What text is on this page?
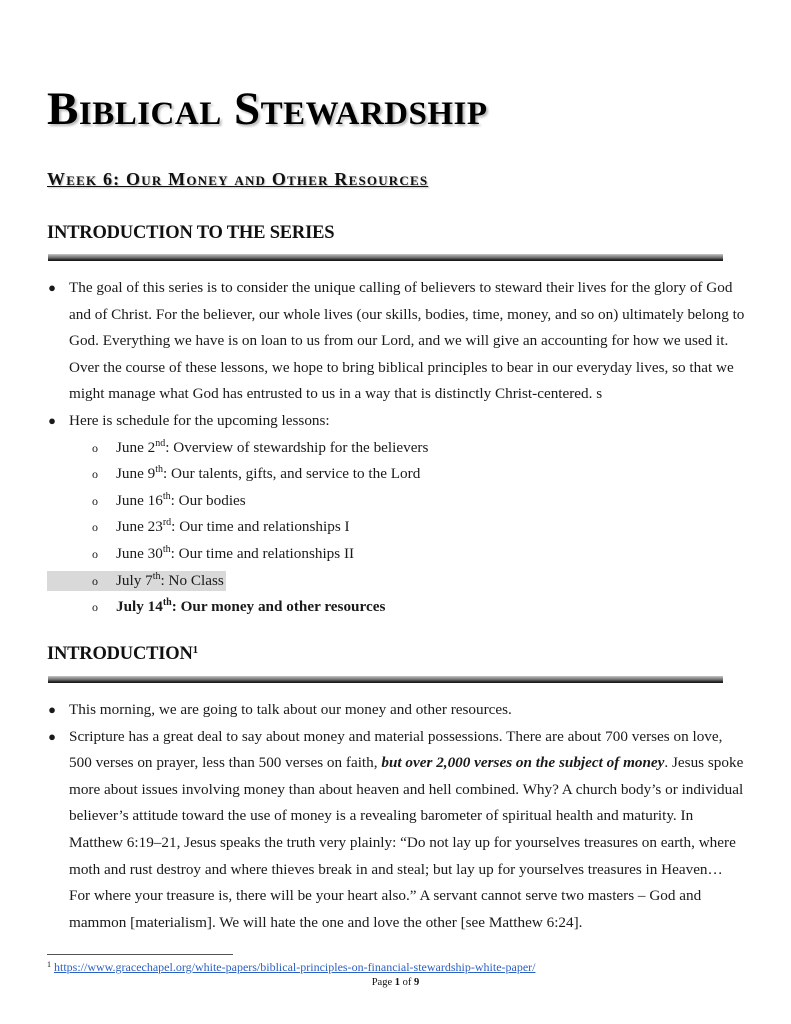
Biblical Stewardship
Week 6: Our Money and Other Resources
INTRODUCTION TO THE SERIES
● The goal of this series is to consider the unique calling of believers to steward their lives for the glory of God and of Christ. For the believer, our whole lives (our skills, bodies, time, money, and so on) ultimately belong to God. Everything we have is on loan to us from our Lord, and we will give an accounting for how we used it. Over the course of these lessons, we hope to bring biblical principles to bear in our everyday lives, so that we might manage what God has entrusted to us in a way that is distinctly Christ-centered. s
● Here is schedule for the upcoming lessons:
o June 2nd: Overview of stewardship for the believers
o June 9th: Our talents, gifts, and service to the Lord
o June 16th: Our bodies
o June 23rd: Our time and relationships I
o June 30th: Our time and relationships II
o July 7th: No Class
o July 14th: Our money and other resources
INTRODUCTION$^1$
● This morning, we are going to talk about our money and other resources.
● Scripture has a great deal to say about money and material possessions. There are about 700 verses on love, 500 verses on prayer, less than 500 verses on faith, but over 2,000 verses on the subject of money. Jesus spoke more about issues involving money than about heaven and hell combined. Why? A church body’s or individual believer’s attitude toward the use of money is a revealing barometer of spiritual health and maturity. In Matthew 6:19–21, Jesus speaks the truth very plainly: “Do not lay up for yourselves treasures on earth, where moth and rust destroy and where thieves break in and steal; but lay up for yourselves treasures in Heaven… For where your treasure is, there will be your heart also.” A servant cannot serve two masters – God and mammon [materialism]. We will hate the one and love the other [see Matthew 6:24].
$^1$ https://www.gracechapel.org/white-papers/biblical-principles-on-financial-stewardship-white-paper/
Page 1 of 9
